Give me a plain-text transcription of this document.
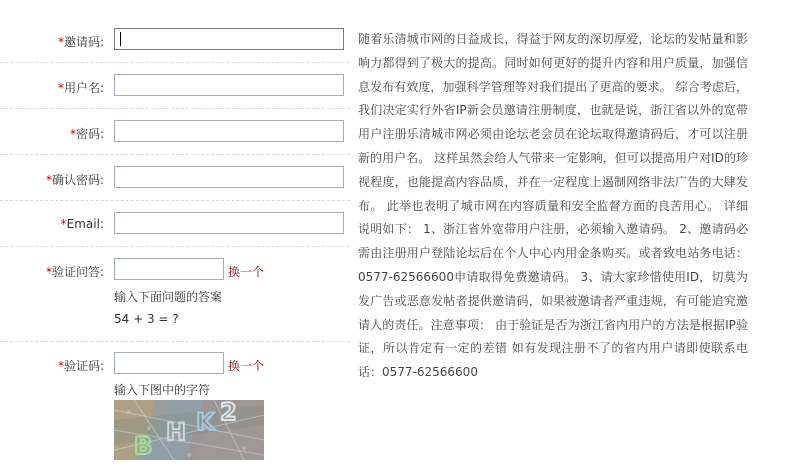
*邀请码:
*用户名:
*密码:
*确认密码:
*Email:
*验证问答:	换一个
输入下面问题的答案
54 + 3 = ?
*验证码:	换一个
输入下图中的字符
B H K 2
随着乐清城市网的日益成长，得益于网友的深切厚爱，论坛的发帖量和影响力都得到了极大的提高。同时如何更好的提升内容和用户质量，加强信息发布有效度，加强科学管理等对我们提出了更高的要求。 综合考虑后，我们决定实行外省IP新会员邀请注册制度，也就是说，浙江省以外的宽带用户注册乐清城市网必须由论坛老会员在论坛取得邀请码后，才可以注册新的用户名。 这样虽然会给人气带来一定影响，但可以提高用户对ID的珍视程度，也能提高内容品质，并在一定程度上遏制网络非法广告的大肆发布。 此举也表明了城市网在内容质量和安全监督方面的良苦用心。 详细说明如下： 1、浙江省外宽带用户注册，必须输入邀请码。 2、邀请码必需由注册用户登陆论坛后在个人中心内用金条购买。或者致电站务电话：0577-62566600申请取得免费邀请码。 3、请大家珍惜使用ID，切莫为发广告或恶意发帖者提供邀请码，如果被邀请者严重违规，有可能追究邀请人的责任。注意事项： 由于验证是否为浙江省内用户的方法是根据IP验证，所以肯定有一定的差错 如有发现注册不了的省内用户请即使联系电话：0577-62566600
